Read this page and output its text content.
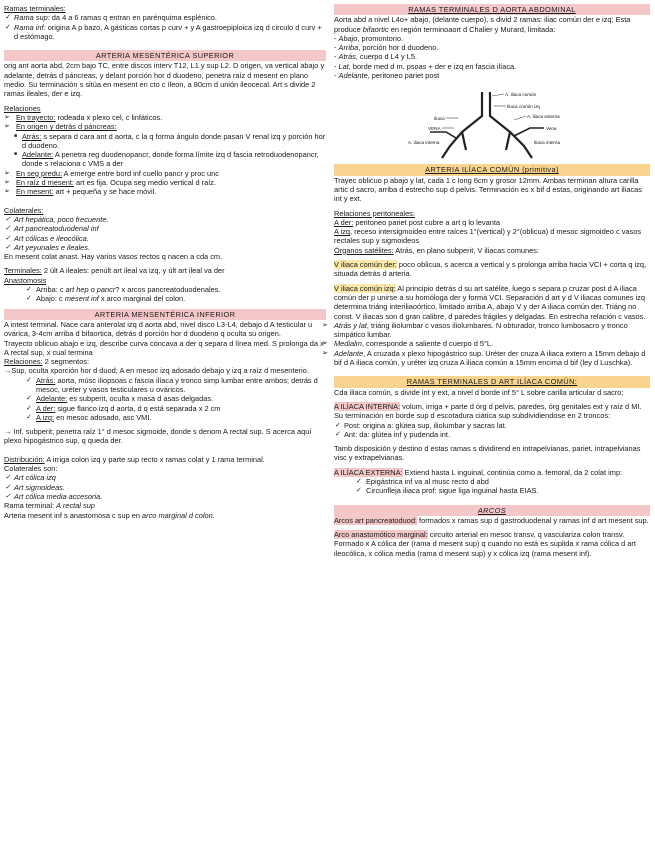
Ramas terminales:

✓ Rama sup: da 4 a 6 ramas q entran en parénquima esplénico.
✓ Rama inf: origina A p bazo, A gásticas cortas p curv + y A gastroepiploica izq d circulo d curv + d estómago.

ARTERIA MESENTÉRICA SUPERIOR

orig ant aorta abd, 2cm bajo TC, entre discos interv T12, L1 y sup L2. D origen, va vertical abajo y adelante, detrás d páncreas, y delant porción hor d duodeno, penetra raíz d mesent en plano medio. Su terminación s sitúa en mesent en cto c íleon, a 80cm d unión ileocecal. Art s divide 2 ramas ileales, der e izq.

Relaciones

➢ En trayecto: rodeada x plexo cel, c linfáticos.
➢ En origen y detrás d páncreas:
■ Atrás: s separa d cara ant d aorta, c la q forma ángulo donde pasan V renal izq y porción hor d duodeno.
■ Adelante: A penetra reg duodenopancr, donde forma límite izq d fascia retroduodenopancr, donde s relaciona c VMS a der
➢ En seg predu: A emerge entre bord inf cuello pancr y proc unc
➢ En raíz d mesent: art es fija. Ocupa seg medio vertical d raíz.
➢ En mesent: art + pequeña y se hace móvil.

Colaterales:

✓ Art hepática, poco frecuente.
✓ Art pancreatoduodenal inf
✓ Art cólicas e ileocólica.
✓ Art yeyunales e ileales.

En mesent colat anast. Hay varios vasos rectos q nacen a cda cm.

Terminales: 2 últ A ileales: penúlt art ileal va izq, y últ art ileal va der

Anastomosis

✓ Arriba: c art hep o pancr? x arcos pancreatoduodenales.
✓ Abajo: c mesent inf x arco marginal del colon.

ARTERIA MENSENTÉRICA INFERIOR

A intest terminal. Nace cara anterolat izq d aorta abd, nivel disco L3-L4, debajo d A testicular u ovárica, 3-4cm arriba d bifaortica, detrás d porción hor d duodeno q oculta su origen.

Trayecto oblicuo abajo e izq, describe curva cóncava a der q separa d línea med. S prolonga da x A rectal sup, x cual termina

Relaciones: 2 segmentos:

→Sup, oculta xporción hor d duod; A en mesoc izq adosado debajo y izq a raíz d mesenterio.

✓ Atrás: aorta, músc iliopsoas c fascia ilíaca y tronco simp lumbar entre ambos; detrás d mesoc, uréter y vasos testiculares u ováricos.
✓ Adelante: es subperit, oculta x masa d asas delgadas.
✓ A der: sigue flanco izq d aorta, d q está separada x 2 cm
✓ A izq: en mesoc adosado, asc VMI.

→ Inf, subperit; penetra raíz 1° d mesoc sigmoide, donde s denom A rectal sup. S acerca aquí plexo hipogástrico sup, q queda der.

Distribución: A irriga colon izq y parte sup recto x ramas colat y 1 rama terminal.

Colaterales son:

✓ Art cólica izq
✓ Art sigmoideas.
✓ Art cólica media accesoria.

Rama terminal: A rectal sup

Arteria mesent inf s anastomosa c sup en arco marginal d colon.

RAMAS TERMINALES D AORTA ABDOMINAL

Aorta abd a nivel L4o+ abajo, (delante cuerpo), s divid 2 ramas: iliac común der e izq; Esta produce bifaortic en región terminoaort d Chalier y Murard, limitada:

- Abajo, promontorio.
- Arriba, porción hor d duodeno.
- Atrás, cuerpo d L4 y L5.
- Lat, borde med d m. psoas + der e izq en fascia ilíaca.
- Adelante, peritoneo pariet post
A. iliaca común
Iliaca común izq
A. iliaca externa
Iliaca
VENA	Vena
A. iliaca interna	Iliaca interna

ARTERIA ILÍACA COMÚN (primitiva)

Trayec oblicuo p abajo y lat, cada 1 c long 6cm y grosor 12mm. Ambas terminan altura carilla artic d sacro, arriba d estrecho sup d pelvis. Terminación es x bif d estas, originando art iliacas int y ext.

Relaciones peritoneales:

A der: peritoneo pariet post cubre a art q lo levanta

A izq, receso intersigmoideo entre raíces 1°(vertical) y 2°(oblicua) d mesoc sigmoideo c vasos rectales sup y sigmoideos

Órganos satélites: Atrás, en plano subperit, V iliacas comunes:

V iliaca común der: poco oblicua, s acerca a vertical y s prolonga arriba hacia VCI + corta q izq, situada detrás d arteria.

V iliaca común izq: Al principio detrás d su art satélite, luego s separa p cruzar post d A iliaca común der p unirse a su homóloga der y forma VCI. Separación d art y d V iliacas comunes izq determina triáng interiliaoórtico, limitado arriba A, abajo V y der A iliaca común der. Triáng no const. V iliacas son d gran calibre, d paredes frágiles y delgadas. En estrecha relación c vasos.

➢ Atrás y lat, triáng iliolumbar c vasos iliolumbares. N obturador, tronco lumbosacro y tronco simpático lumbar.
➢ Medialm, corresponde a saliente d cuerpo d 5°L.
➢ Adelante, A cruzada x plexo hipogástrico sup. Uréter der cruza A iliaca extern a 15mm debajo d bif d A iliaca común, y uréter izq cruza A iliaca común a 15mm encima d bif (ley d Luschka).

RAMAS TERMINALES D ART ILÍACA COMÚN:

Cda iliaca común, s divide int y ext, a nivel d borde inf 5° L sobre carilla articular d sacro;

A ILÍACA INTERNA: volum, irriga + parte d órg d pelvis, paredes, órg genitales ext y raíz d MI. Su terminación en borde sup d escotadura ciática sup subdividiendose en 2 troncos:

✓ Post: origina a: glútea sup, iliolumbar y sacras lat.
✓ Ant: da: glútea inf y pudenda int.

Tamb disposición y destino d estas ramas s dividirend en intrapelvianas, pariet, intrapelvianas visc y extrapelvianas.

A ILÍACA EXTERNA: Extiend hasta L inguinal, continúa como a. femoral, da 2 colat imp:

✓ Epigástrica inf va al musc recto d abd
✓ Circunfleja iliaca prof: sigue liga inguinal hasta EIAS.

ARCOS

Arcos art pancreatoduod: formados x ramas sup d gastroduodenal y ramas inf d art mesent sup.

Arco anastomótico marginal: circuito arterial en mesoc transv, q vasculariza colon transv. Formado x A cólica der (rama d mesent sup) q cuando no está es suplida x rama cólica d art ileocólica, x cólica media (rama d mesent sup) y x cólica izq (rama mesent inf).
